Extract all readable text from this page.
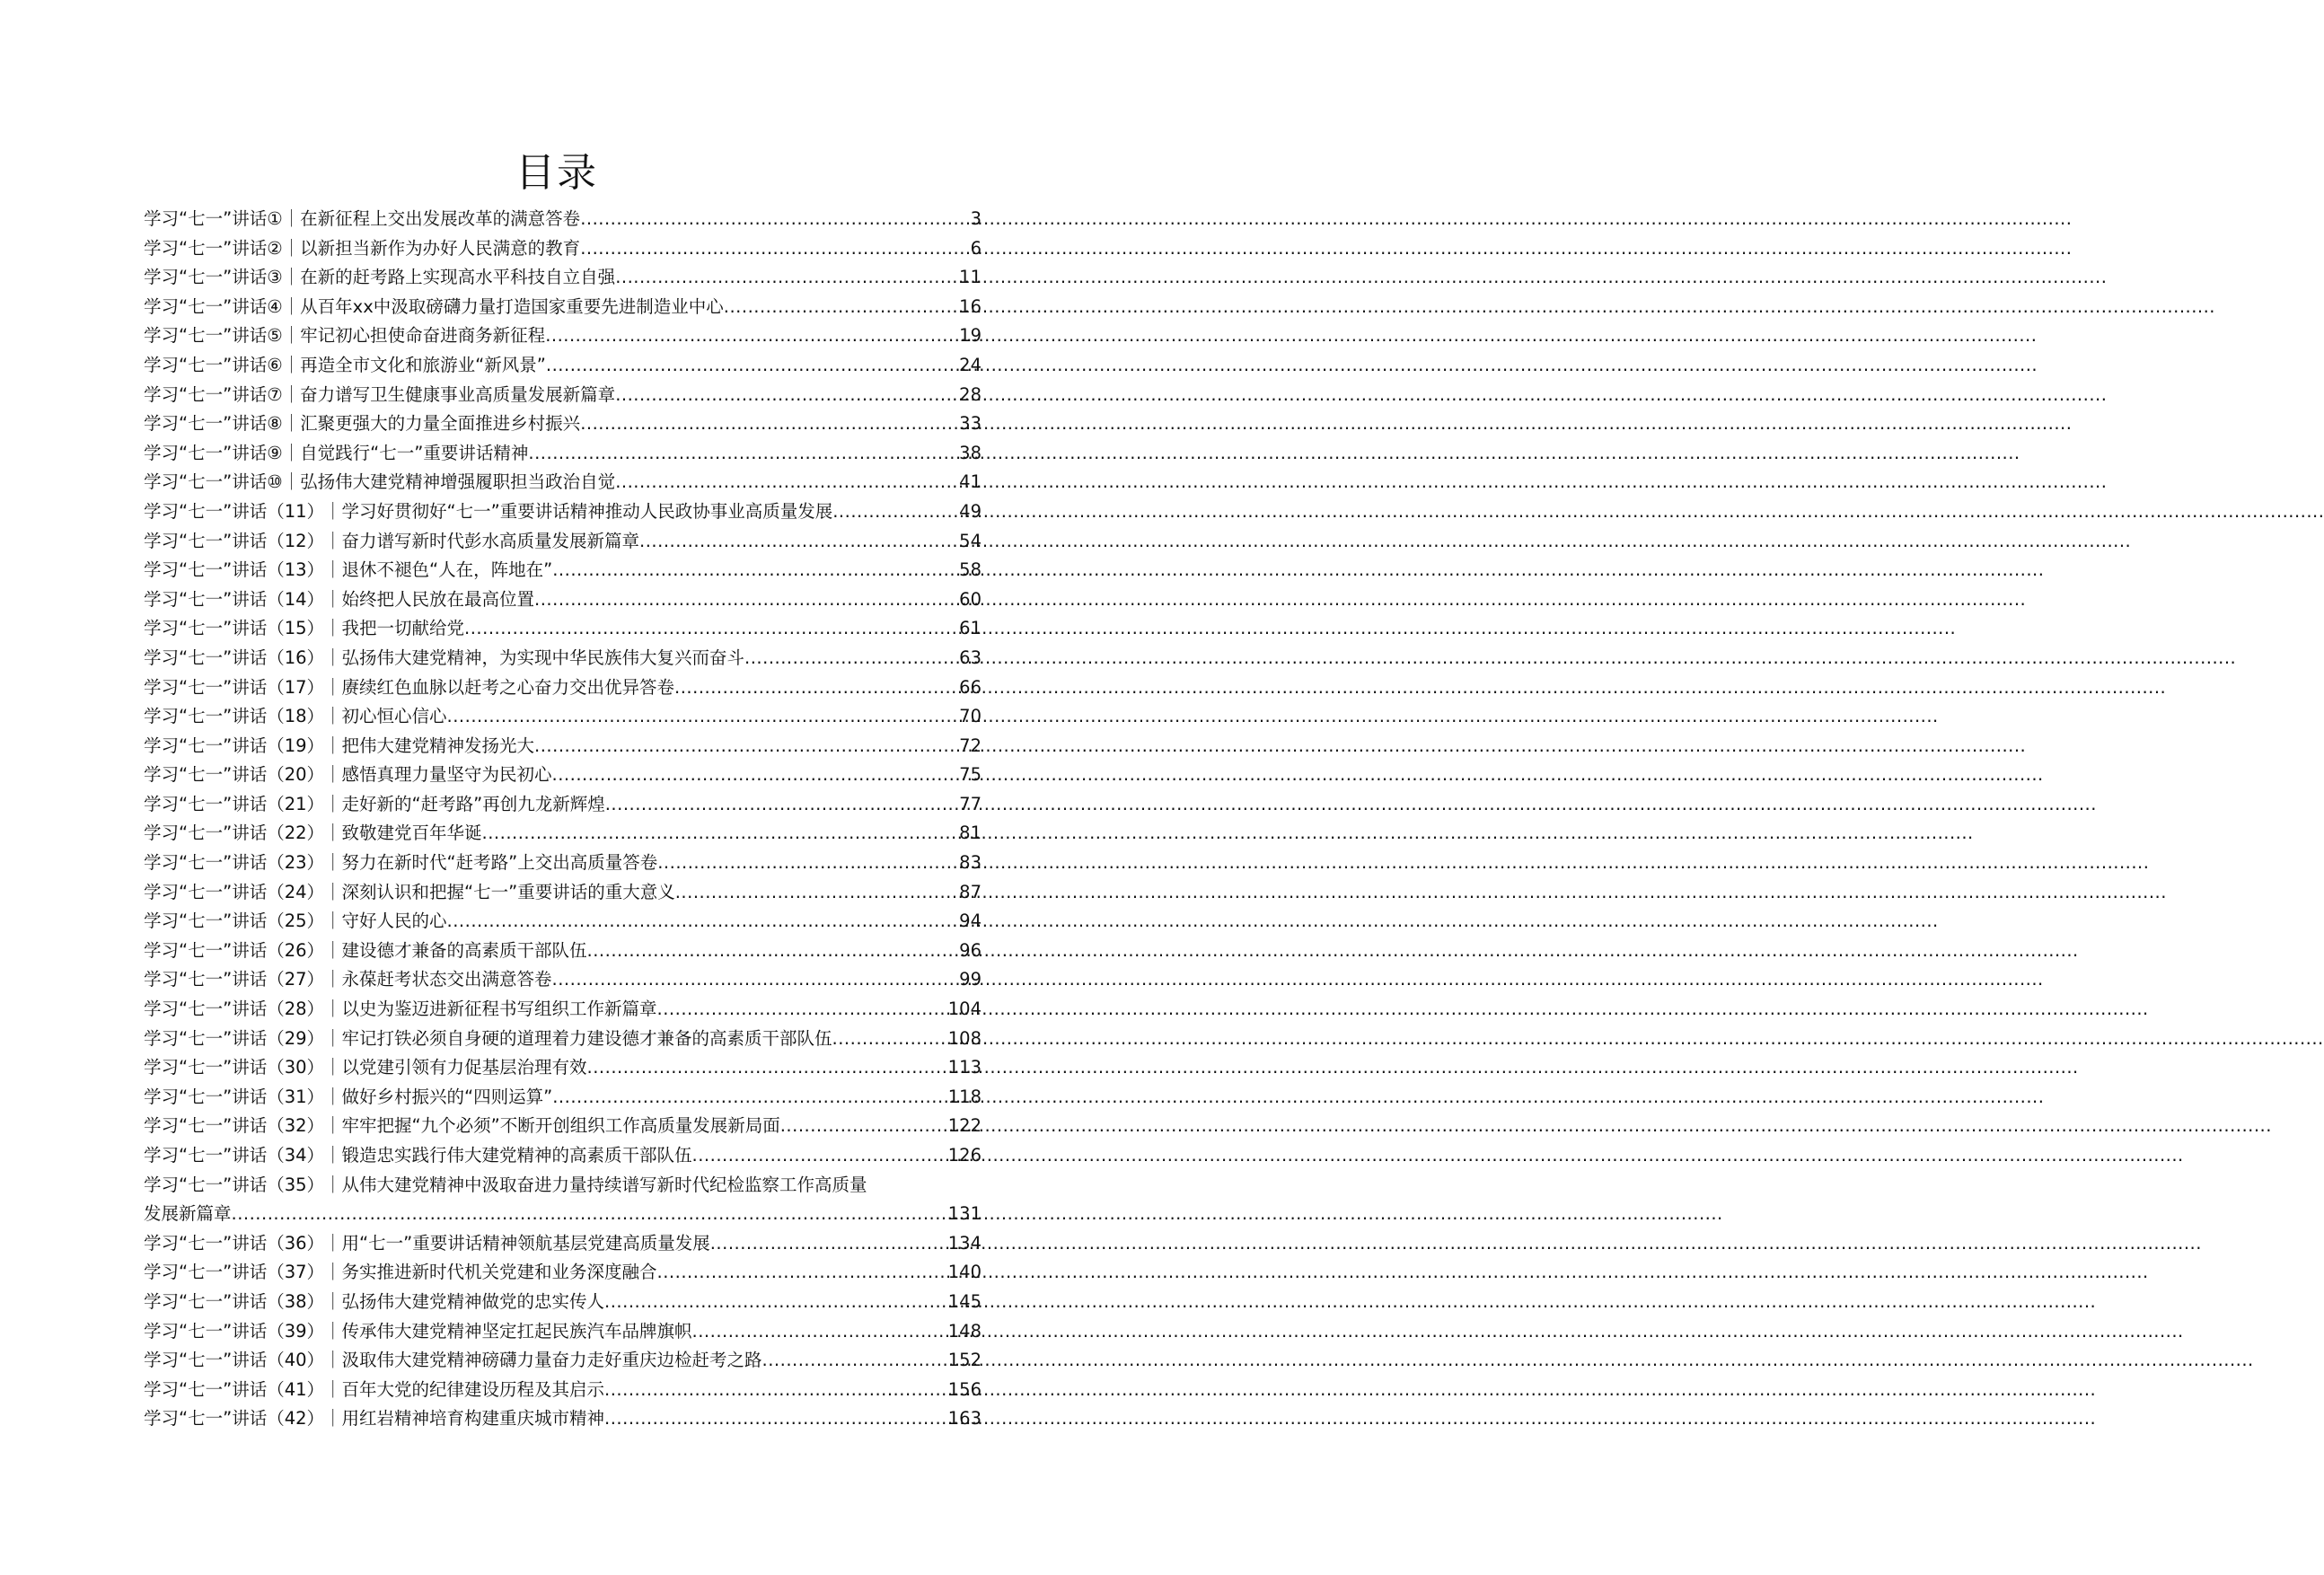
目录
学习“七一”讲话①｜在新征程上交出发展改革的满意答卷 .....	3
学习“七一”讲话②｜以新担当新作为办好人民满意的教育 .....	6
学习“七一”讲话③｜在新的赶考路上实现高水平科技自立自强 .....	11
学习“七一”讲话④｜从百年xx中汲取磅礴力量打造国家重要先进制造业中心 .....	16
学习“七一”讲话⑤｜牢记初心担使命奋进商务新征程 .....	19
学习“七一”讲话⑥｜再造全市文化和旅游业“新风景” .....	24
学习“七一”讲话⑦｜奋力谱写卫生健康事业高质量发展新篇章 .....	28
学习“七一”讲话⑧｜汇聚更强大的力量全面推进乡村振兴 .....	33
学习“七一”讲话⑨｜自觉践行“七一”重要讲话精神 .....	38
学习“七一”讲话⑩｜弘扬伟大建党精神增强履职担当政治自觉 .....	41
学习“七一”讲话（11）｜学习好贯彻好“七一”重要讲话精神推动人民政协事业高质量发展 .....	49
学习“七一”讲话（12）｜奋力谱写新时代彭水高质量发展新篇章 .....	54
学习“七一”讲话（13）｜退休不褪色“人在，阵地在” .....	58
学习“七一”讲话（14）｜始终把人民放在最高位置 .....	60
学习“七一”讲话（15）｜我把一切献给党 .....	61
学习“七一”讲话（16）｜弘扬伟大建党精神，为实现中华民族伟大复兴而奋斗 .....	63
学习“七一”讲话（17）｜赓续红色血脉以赶考之心奋力交出优异答卷 .....	66
学习“七一”讲话（18）｜初心恒心信心 .....	70
学习“七一”讲话（19）｜把伟大建党精神发扬光大 .....	72
学习“七一”讲话（20）｜感悟真理力量坚守为民初心 .....	75
学习“七一”讲话（21）｜走好新的“赶考路”再创九龙新辉煌 .....	77
学习“七一”讲话（22）｜致敬建党百年华诞 .....	81
学习“七一”讲话（23）｜努力在新时代“赶考路”上交出高质量答卷 .....	83
学习“七一”讲话（24）｜深刻认识和把握“七一”重要讲话的重大意义 .....	87
学习“七一”讲话（25）｜守好人民的心 .....	94
学习“七一”讲话（26）｜建设德才兼备的高素质干部队伍 .....	96
学习“七一”讲话（27）｜永葆赶考状态交出满意答卷 .....	99
学习“七一”讲话（28）｜以史为鉴迈进新征程书写组织工作新篇章 .....	104
学习“七一”讲话（29）｜牢记打铁必须自身硬的道理着力建设德才兼备的高素质干部队伍 .....	108
学习“七一”讲话（30）｜以党建引领有力促基层治理有效 .....	113
学习“七一”讲话（31）｜做好乡村振兴的“四则运算” .....	118
学习“七一”讲话（32）｜牢牢把握“九个必须”不断开创组织工作高质量发展新局面 .....	122
学习“七一”讲话（34）｜锻造忠实践行伟大建党精神的高素质干部队伍 .....	126
学习“七一”讲话（35）｜从伟大建党精神中汲取奋进力量持续谱写新时代纪检监察工作高质量
发展新篇章 .....	131
学习“七一”讲话（36）｜用“七一”重要讲话精神领航基层党建高质量发展 .....	134
学习“七一”讲话（37）｜务实推进新时代机关党建和业务深度融合 .....	140
学习“七一”讲话（38）｜弘扬伟大建党精神做党的忠实传人 .....	145
学习“七一”讲话（39）｜传承伟大建党精神坚定扛起民族汽车品牌旗帜 .....	148
学习“七一”讲话（40）｜汲取伟大建党精神磅礴力量奋力走好重庆边检赶考之路 .....	152
学习“七一”讲话（41）｜百年大党的纪律建设历程及其启示 .....	156
学习“七一”讲话（42）｜用红岩精神培育构建重庆城市精神 .....	163
